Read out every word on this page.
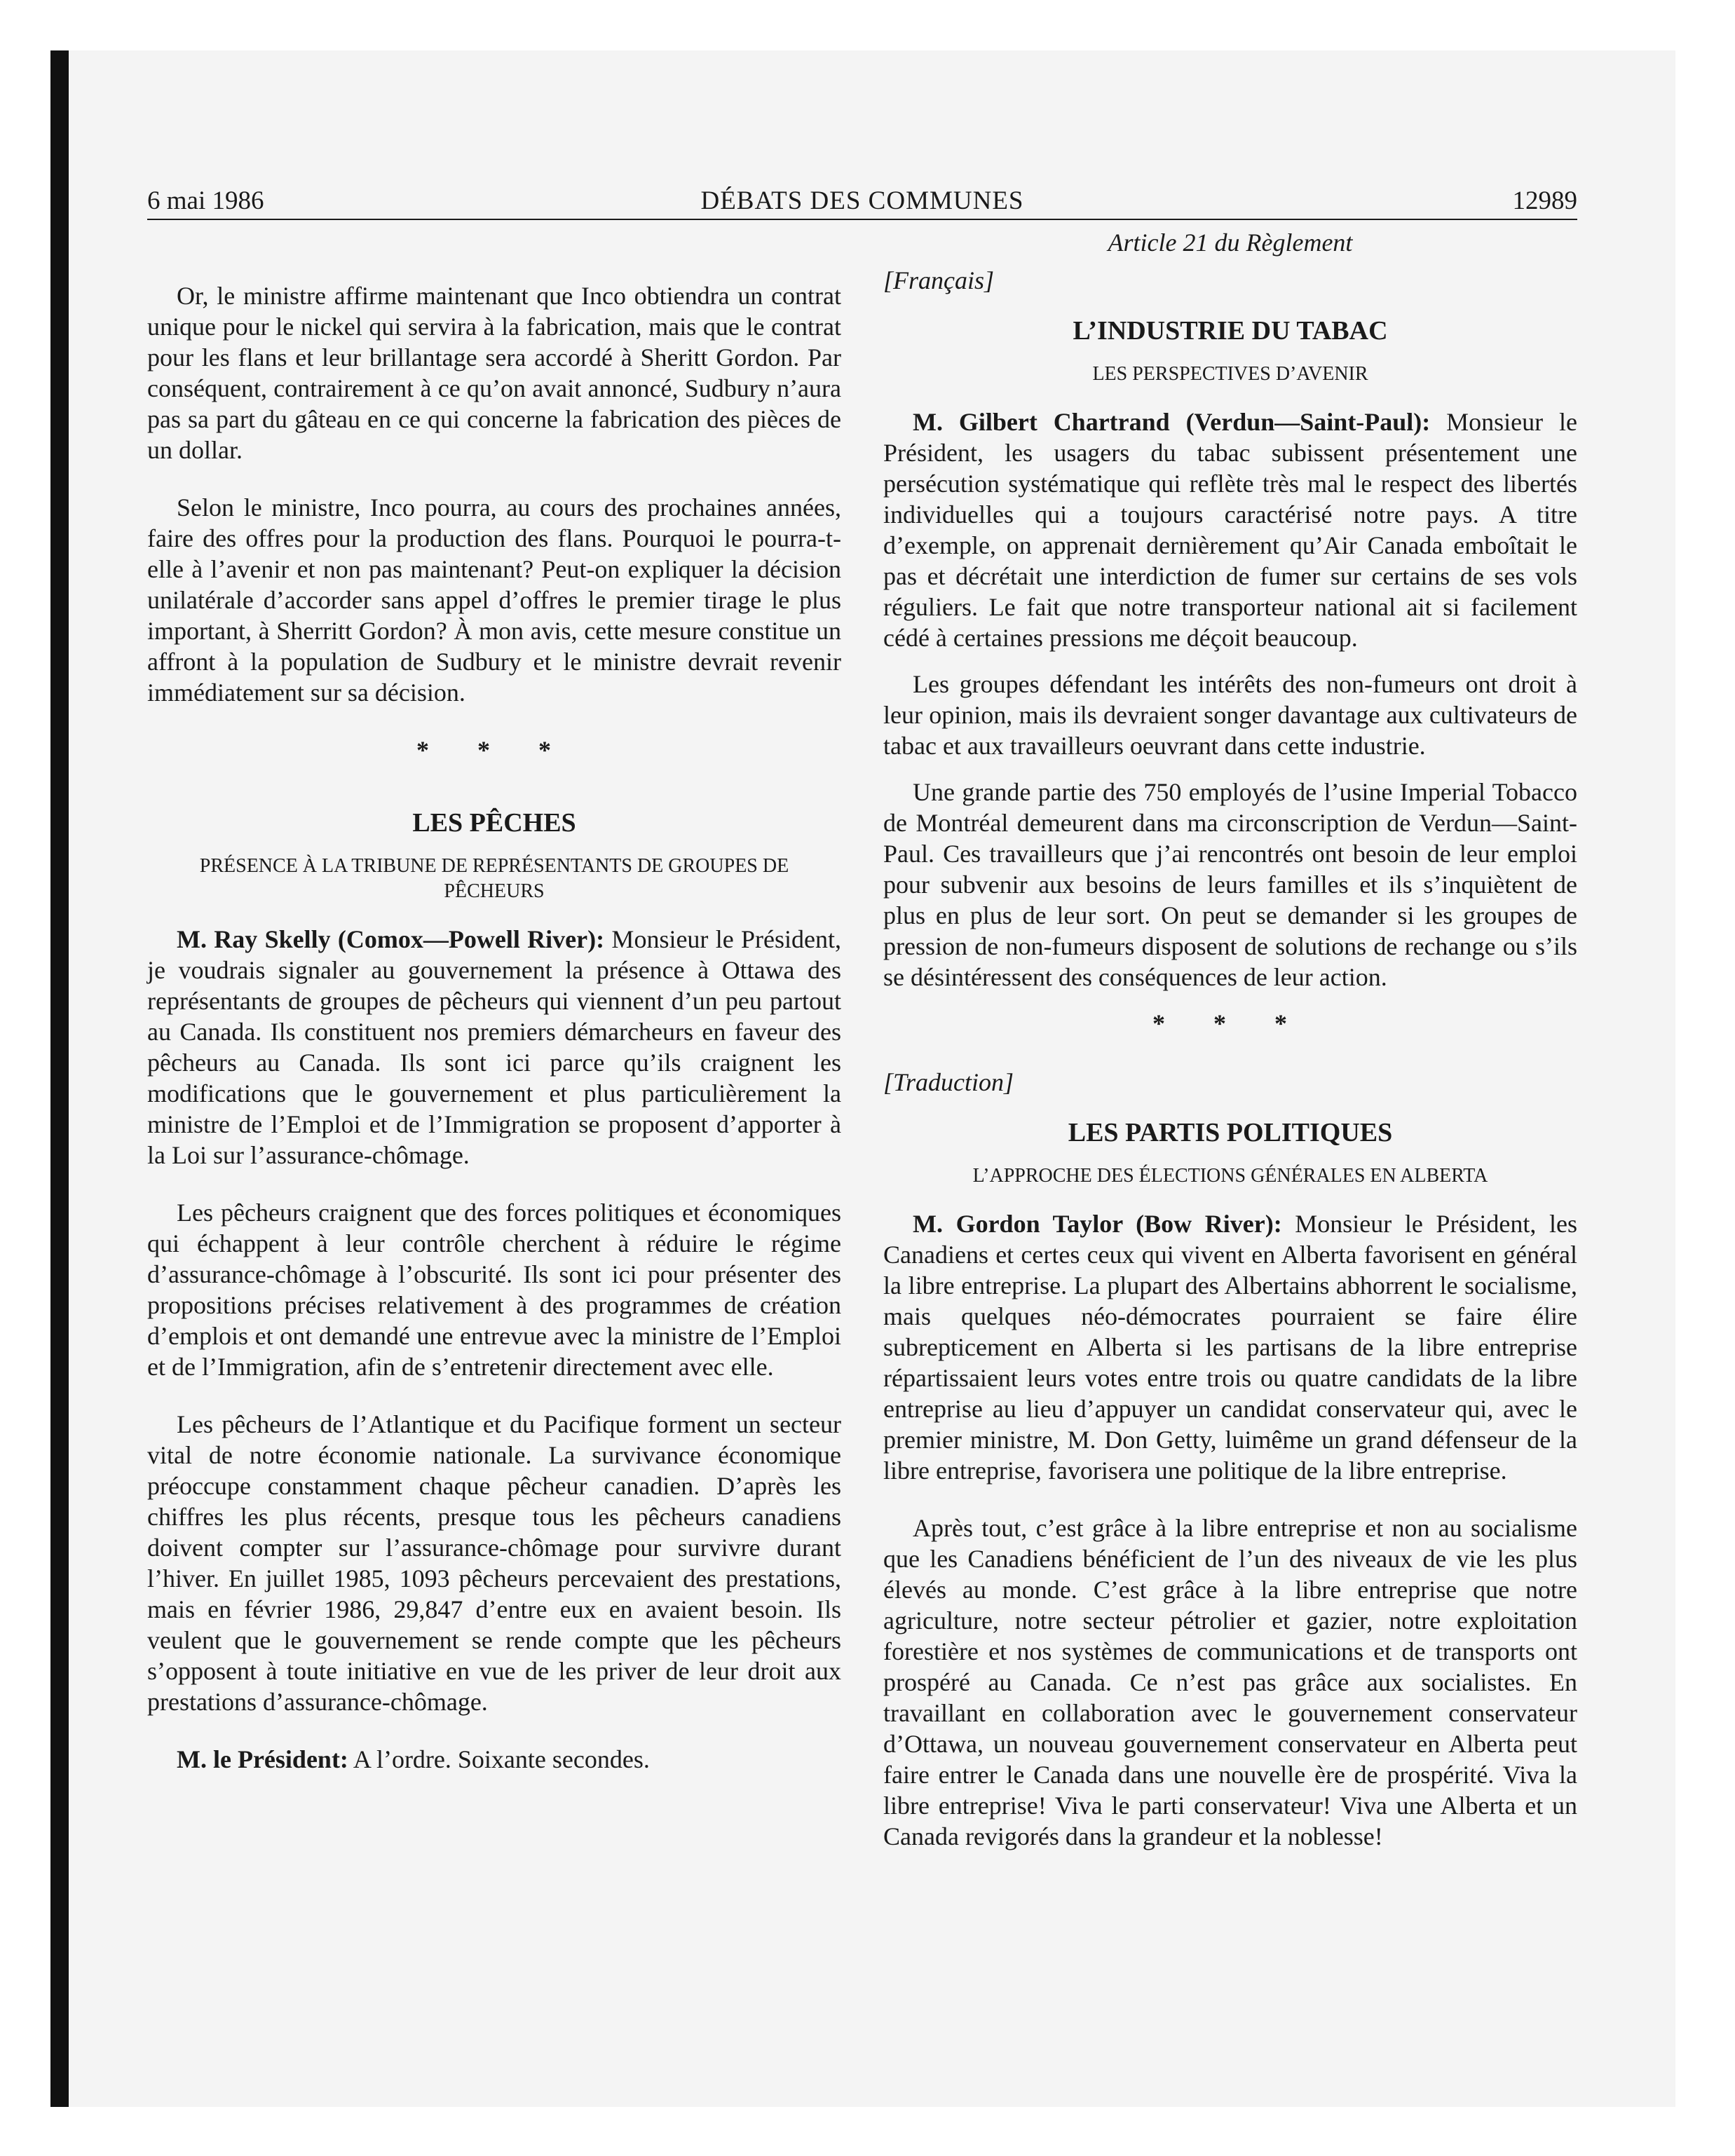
6 mai 1986	DÉBATS DES COMMUNES	12989

Or, le ministre affirme maintenant que Inco obtiendra un contrat unique pour le nickel qui servira à la fabrication, mais que le contrat pour les flans et leur brillantage sera accordé à Sheritt Gordon. Par conséquent, contrairement à ce qu’on avait annoncé, Sudbury n’aura pas sa part du gâteau en ce qui concerne la fabrication des pièces de un dollar.

Selon le ministre, Inco pourra, au cours des prochaines années, faire des offres pour la production des flans. Pourquoi le pourra-t-elle à l’avenir et non pas maintenant? Peut-on expliquer la décision unilatérale d’accorder sans appel d’offres le premier tirage le plus important, à Sherritt Gordon? À mon avis, cette mesure constitue un affront à la population de Sudbury et le ministre devrait revenir immédiatement sur sa décision.

* * *
LES PÊCHES
PRÉSENCE À LA TRIBUNE DE REPRÉSENTANTS DE GROUPES DE PÊCHEURS

M. Ray Skelly (Comox—Powell River): Monsieur le Président, je voudrais signaler au gouvernement la présence à Ottawa des représentants de groupes de pêcheurs qui viennent d’un peu partout au Canada. Ils constituent nos premiers démarcheurs en faveur des pêcheurs au Canada. Ils sont ici parce qu’ils craignent les modifications que le gouvernement et plus particulièrement la ministre de l’Emploi et de l’Immigration se proposent d’apporter à la Loi sur l’assurance-chômage.

Les pêcheurs craignent que des forces politiques et économiques qui échappent à leur contrôle cherchent à réduire le régime d’assurance-chômage à l’obscurité. Ils sont ici pour présenter des propositions précises relativement à des programmes de création d’emplois et ont demandé une entrevue avec la ministre de l’Emploi et de l’Immigration, afin de s’entretenir directement avec elle.

Les pêcheurs de l’Atlantique et du Pacifique forment un secteur vital de notre économie nationale. La survivance économique préoccupe constamment chaque pêcheur canadien. D’après les chiffres les plus récents, presque tous les pêcheurs canadiens doivent compter sur l’assurance-chômage pour survivre durant l’hiver. En juillet 1985, 1093 pêcheurs percevaient des prestations, mais en février 1986, 29,847 d’entre eux en avaient besoin. Ils veulent que le gouvernement se rende compte que les pêcheurs s’opposent à toute initiative en vue de les priver de leur droit aux prestations d’assurance-chômage.

M. le Président: A l’ordre. Soixante secondes.

Article 21 du Règlement
[Français]
L’INDUSTRIE DU TABAC
LES PERSPECTIVES D’AVENIR

M. Gilbert Chartrand (Verdun—Saint-Paul): Monsieur le Président, les usagers du tabac subissent présentement une persécution systématique qui reflète très mal le respect des libertés individuelles qui a toujours caractérisé notre pays. A titre d’exemple, on apprenait dernièrement qu’Air Canada emboîtait le pas et décrétait une interdiction de fumer sur certains de ses vols réguliers. Le fait que notre transporteur national ait si facilement cédé à certaines pressions me déçoit beaucoup.

Les groupes défendant les intérêts des non-fumeurs ont droit à leur opinion, mais ils devraient songer davantage aux cultivateurs de tabac et aux travailleurs oeuvrant dans cette industrie.

Une grande partie des 750 employés de l’usine Imperial Tobacco de Montréal demeurent dans ma circonscription de Verdun—Saint-Paul. Ces travailleurs que j’ai rencontrés ont besoin de leur emploi pour subvenir aux besoins de leurs familles et ils s’inquiètent de plus en plus de leur sort. On peut se demander si les groupes de pression de non-fumeurs disposent de solutions de rechange ou s’ils se désintéressent des conséquences de leur action.

* * *
[Traduction]
LES PARTIS POLITIQUES
L’APPROCHE DES ÉLECTIONS GÉNÉRALES EN ALBERTA

M. Gordon Taylor (Bow River): Monsieur le Président, les Canadiens et certes ceux qui vivent en Alberta favorisent en général la libre entreprise. La plupart des Albertains abhorrent le socialisme, mais quelques néo-démocrates pourraient se faire élire subrepticement en Alberta si les partisans de la libre entreprise répartissaient leurs votes entre trois ou quatre candidats de la libre entreprise au lieu d’appuyer un candidat conservateur qui, avec le premier ministre, M. Don Getty, luimême un grand défenseur de la libre entreprise, favorisera une politique de la libre entreprise.

Après tout, c’est grâce à la libre entreprise et non au socialisme que les Canadiens bénéficient de l’un des niveaux de vie les plus élevés au monde. C’est grâce à la libre entreprise que notre agriculture, notre secteur pétrolier et gazier, notre exploitation forestière et nos systèmes de communications et de transports ont prospéré au Canada. Ce n’est pas grâce aux socialistes. En travaillant en collaboration avec le gouvernement conservateur d’Ottawa, un nouveau gouvernement conservateur en Alberta peut faire entrer le Canada dans une nouvelle ère de prospérité. Viva la libre entreprise! Viva le parti conservateur! Viva une Alberta et un Canada revigorés dans la grandeur et la noblesse!
